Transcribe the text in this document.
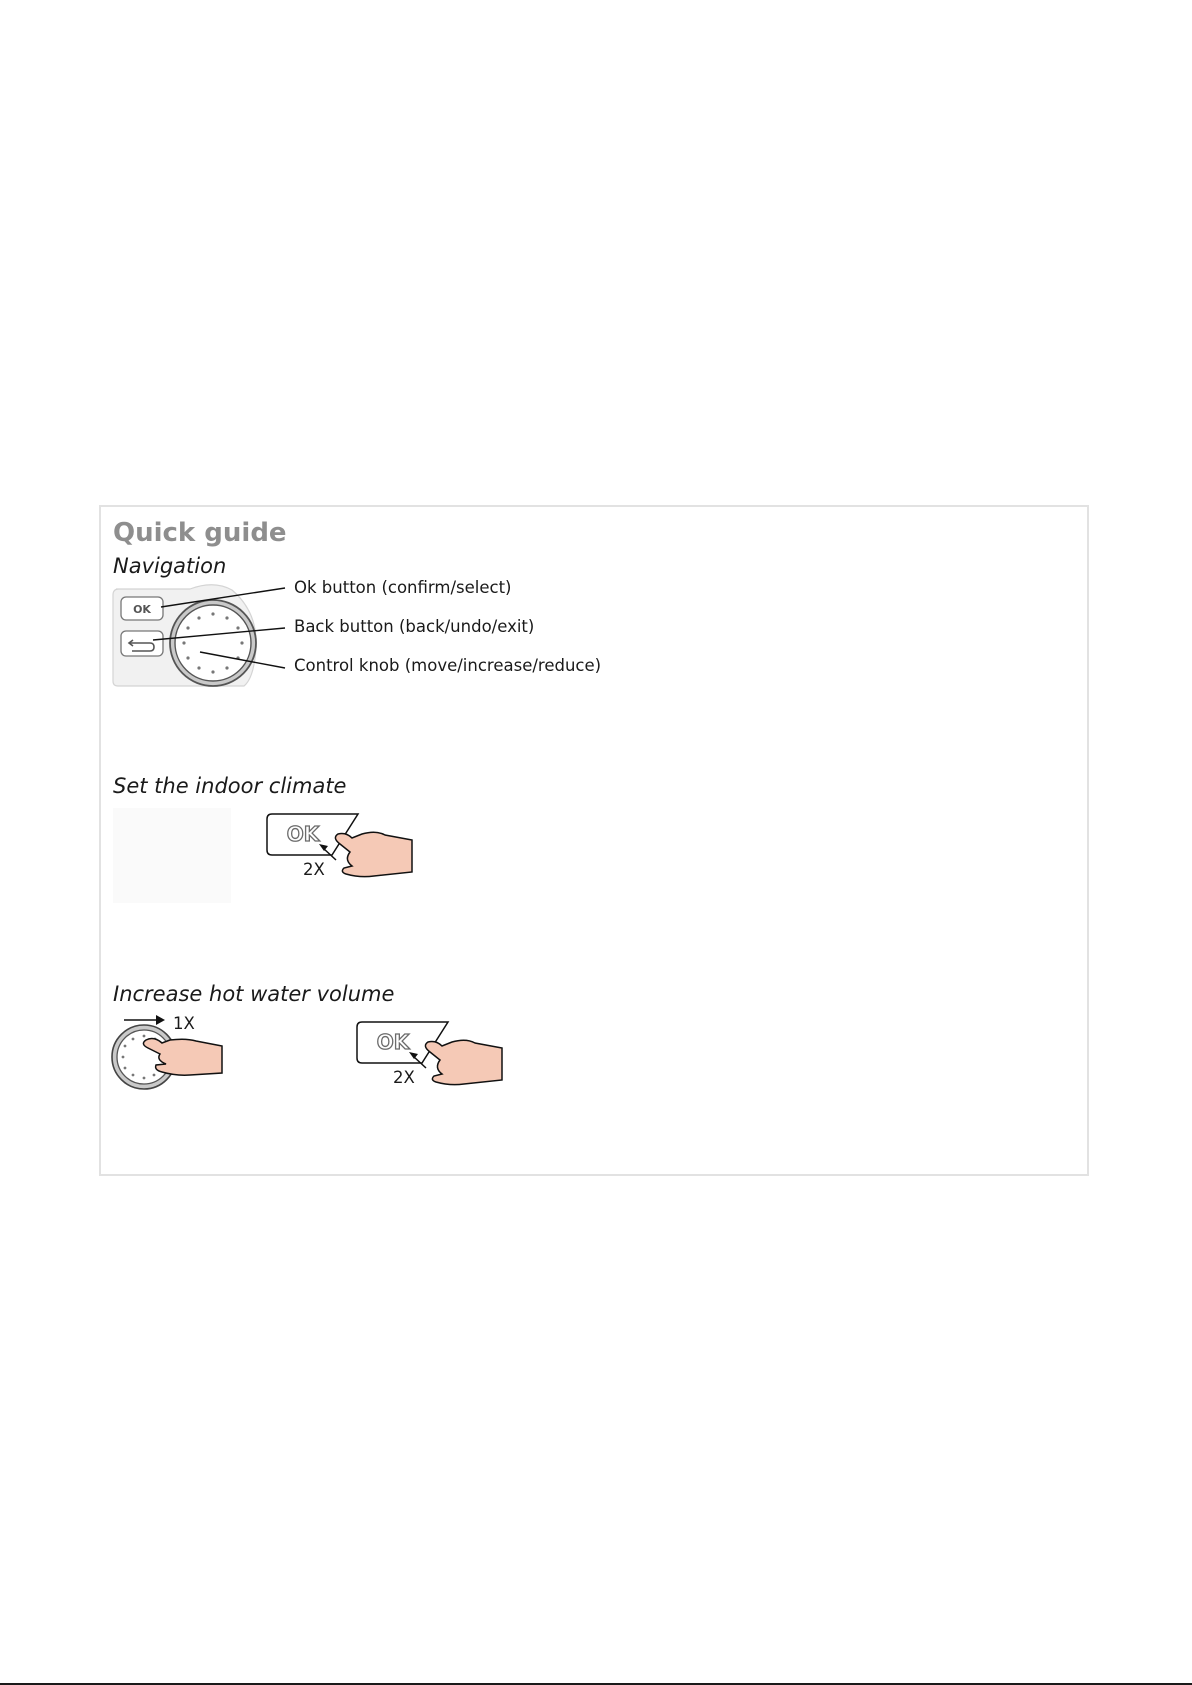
Quick guide
Navigation
OK
Ok button (confirm/select)
Back button (back/undo/exit)
Control knob (move/increase/reduce)
Set the indoor climate
OK
2X
Increase hot water volume
OK
1X
2X
